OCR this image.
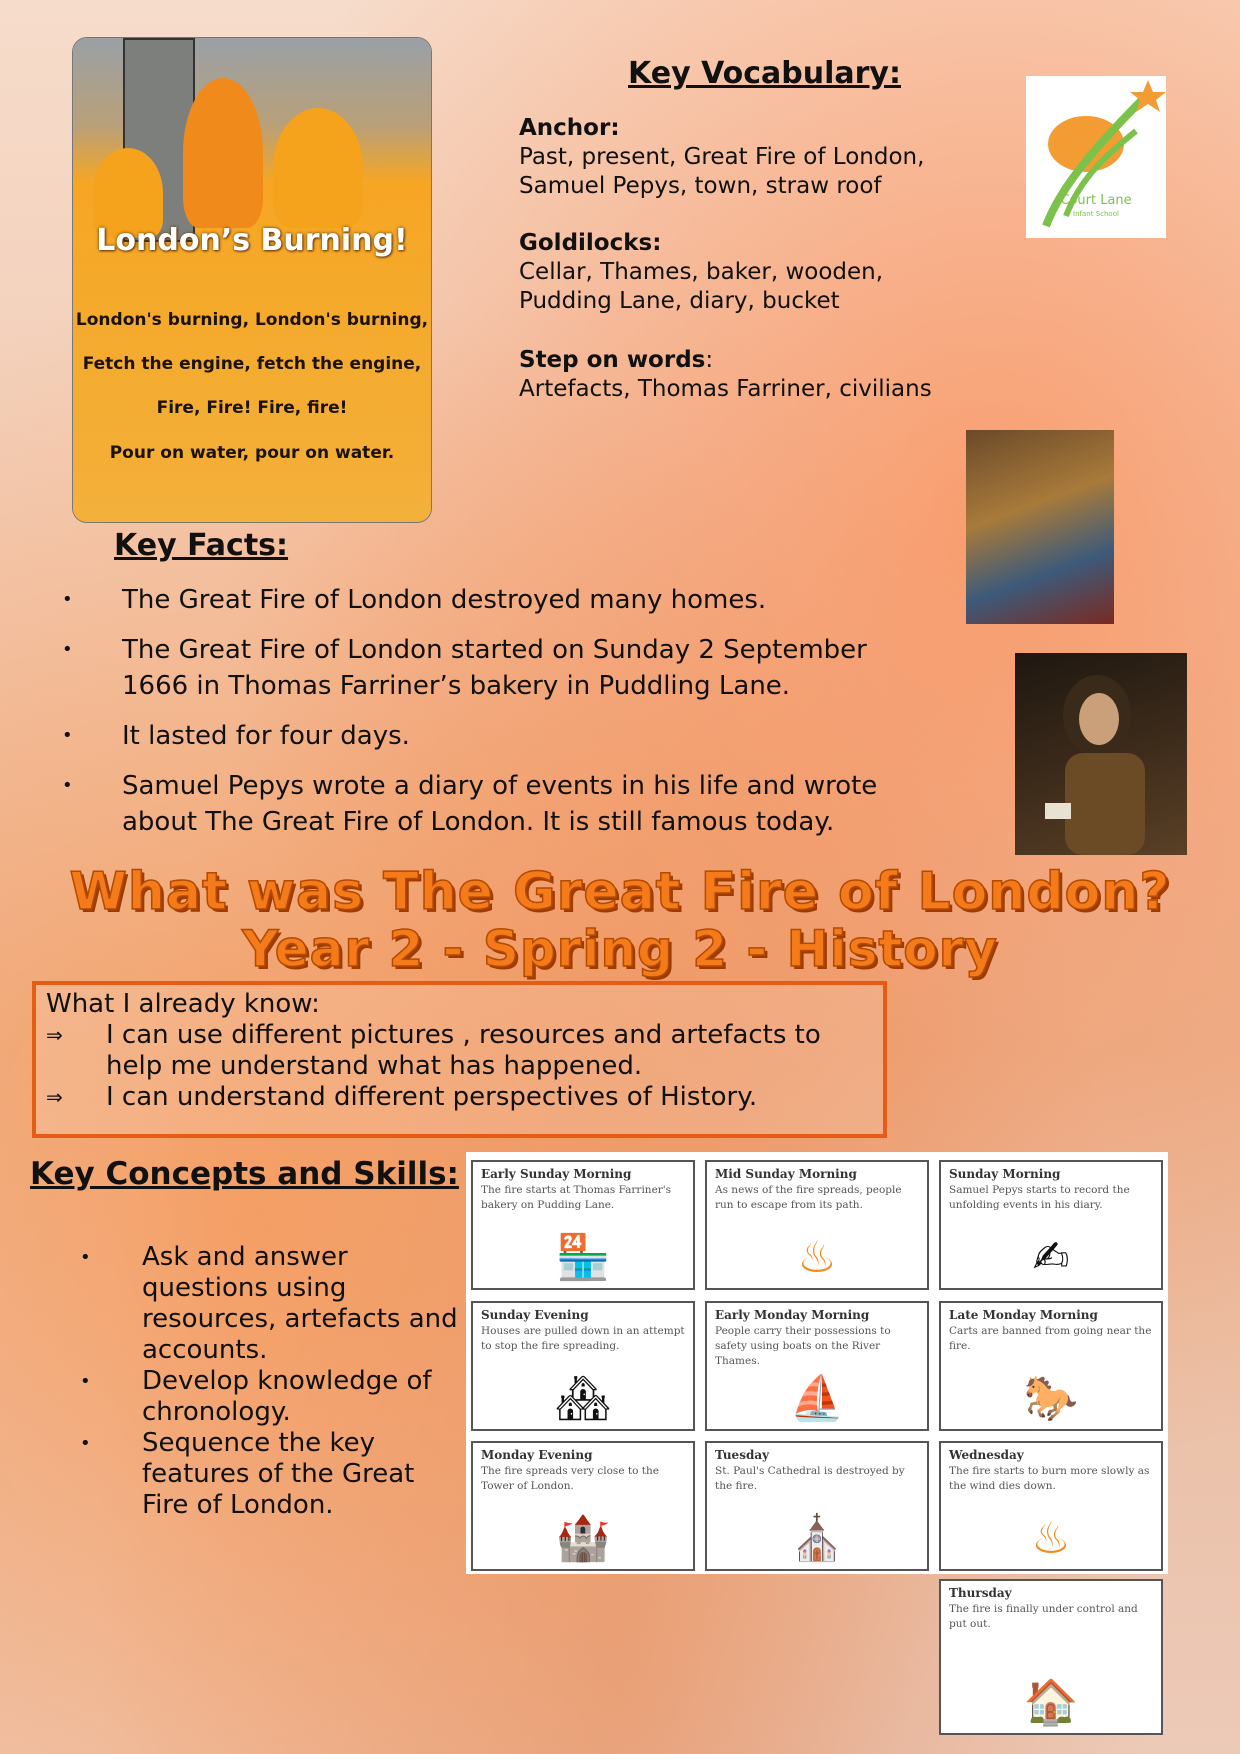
London’s Burning!
London's burning, London's burning,
Fetch the engine, fetch the engine,
Fire, Fire! Fire, fire!
Pour on water, pour on water.
Key Vocabulary:
Anchor:
Past, present, Great Fire of London,
Samuel Pepys, town, straw roof
Goldilocks:
Cellar, Thames, baker, wooden,
Pudding Lane, diary, bucket
Step on words:
Artefacts, Thomas Farriner, civilians
Court Lane
Infant School
Key Facts:
• The Great Fire of London destroyed many homes.
• The Great Fire of London started on Sunday 2 September 1666 in Thomas Farriner’s bakery in Puddling Lane.
• It lasted for four days.
• Samuel Pepys wrote a diary of events in his life and wrote about The Great Fire of London. It is still famous today.
What was The Great Fire of London?
Year 2 - Spring 2 - History
What I already know:
⇒ I can use different pictures , resources and artefacts to help me understand what has happened.
⇒ I can understand different perspectives of History.
Key Concepts and Skills:
• Ask and answer questions using resources, artefacts and accounts.
• Develop knowledge of chronology.
• Sequence the key features of the Great Fire of London.
Early Sunday Morning
The fire starts at Thomas Farriner's bakery on Pudding Lane.
🏪
Mid Sunday Morning
As news of the fire spreads, people run to escape from its path.
♨
Sunday Morning
Samuel Pepys starts to record the unfolding events in his diary.
✍
Sunday Evening
Houses are pulled down in an attempt to stop the fire spreading.
🏘
Early Monday Morning
People carry their possessions to safety using boats on the River Thames.
⛵
Late Monday Morning
Carts are banned from going near the fire.
🐎
Monday Evening
The fire spreads very close to the Tower of London.
🏰
Tuesday
St. Paul's Cathedral is destroyed by the fire.
⛪
Wednesday
The fire starts to burn more slowly as the wind dies down.
♨
Thursday
The fire is finally under control and put out.
🏠
